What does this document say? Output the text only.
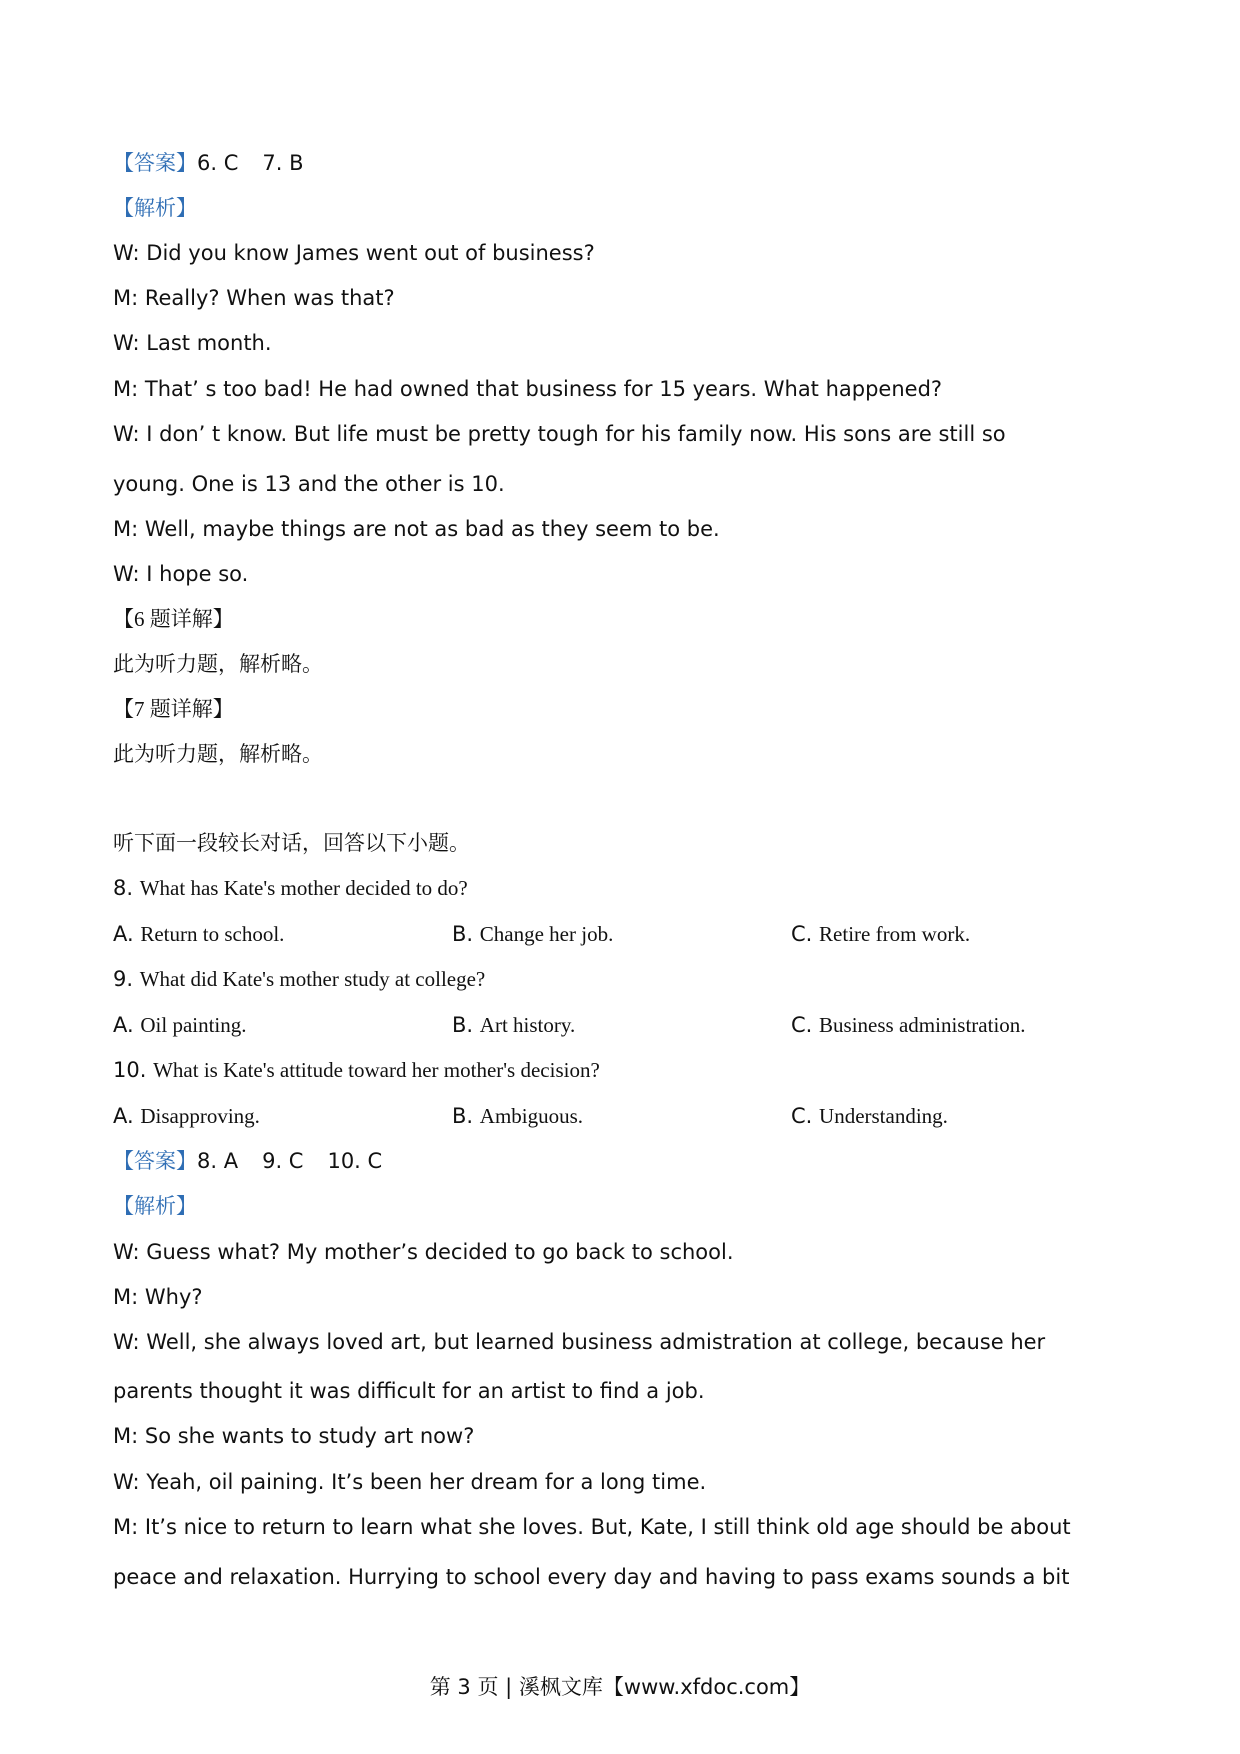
【答案】6. C 7. B
【解析】
W: Did you know James went out of business?
M: Really? When was that?
W: Last month.
M: That’ s too bad! He had owned that business for 15 years. What happened?
W: I don’ t know. But life must be pretty tough for his family now. His sons are still so
young. One is 13 and the other is 10.
M: Well, maybe things are not as bad as they seem to be.
W: I hope so.
【6 题详解】
此为听力题，解析略。
【7 题详解】
此为听力题，解析略。
听下面一段较长对话，回答以下小题。
8. What has Kate's mother decided to do?
A. Return to school.	B. Change her job.	C. Retire from work.
9. What did Kate's mother study at college?
A. Oil painting.	B. Art history.	C. Business administration.
10. What is Kate's attitude toward her mother's decision?
A. Disapproving.	B. Ambiguous.	C. Understanding.
【答案】8. A 9. C 10. C
【解析】
W: Guess what? My mother’s decided to go back to school.
M: Why?
W: Well, she always loved art, but learned business admistration at college, because her
parents thought it was difficult for an artist to find a job.
M: So she wants to study art now?
W: Yeah, oil paining. It’s been her dream for a long time.
M: It’s nice to return to learn what she loves. But, Kate, I still think old age should be about
peace and relaxation. Hurrying to school every day and having to pass exams sounds a bit
第 3 页 | 溪枫文库【www.xfdoc.com】
